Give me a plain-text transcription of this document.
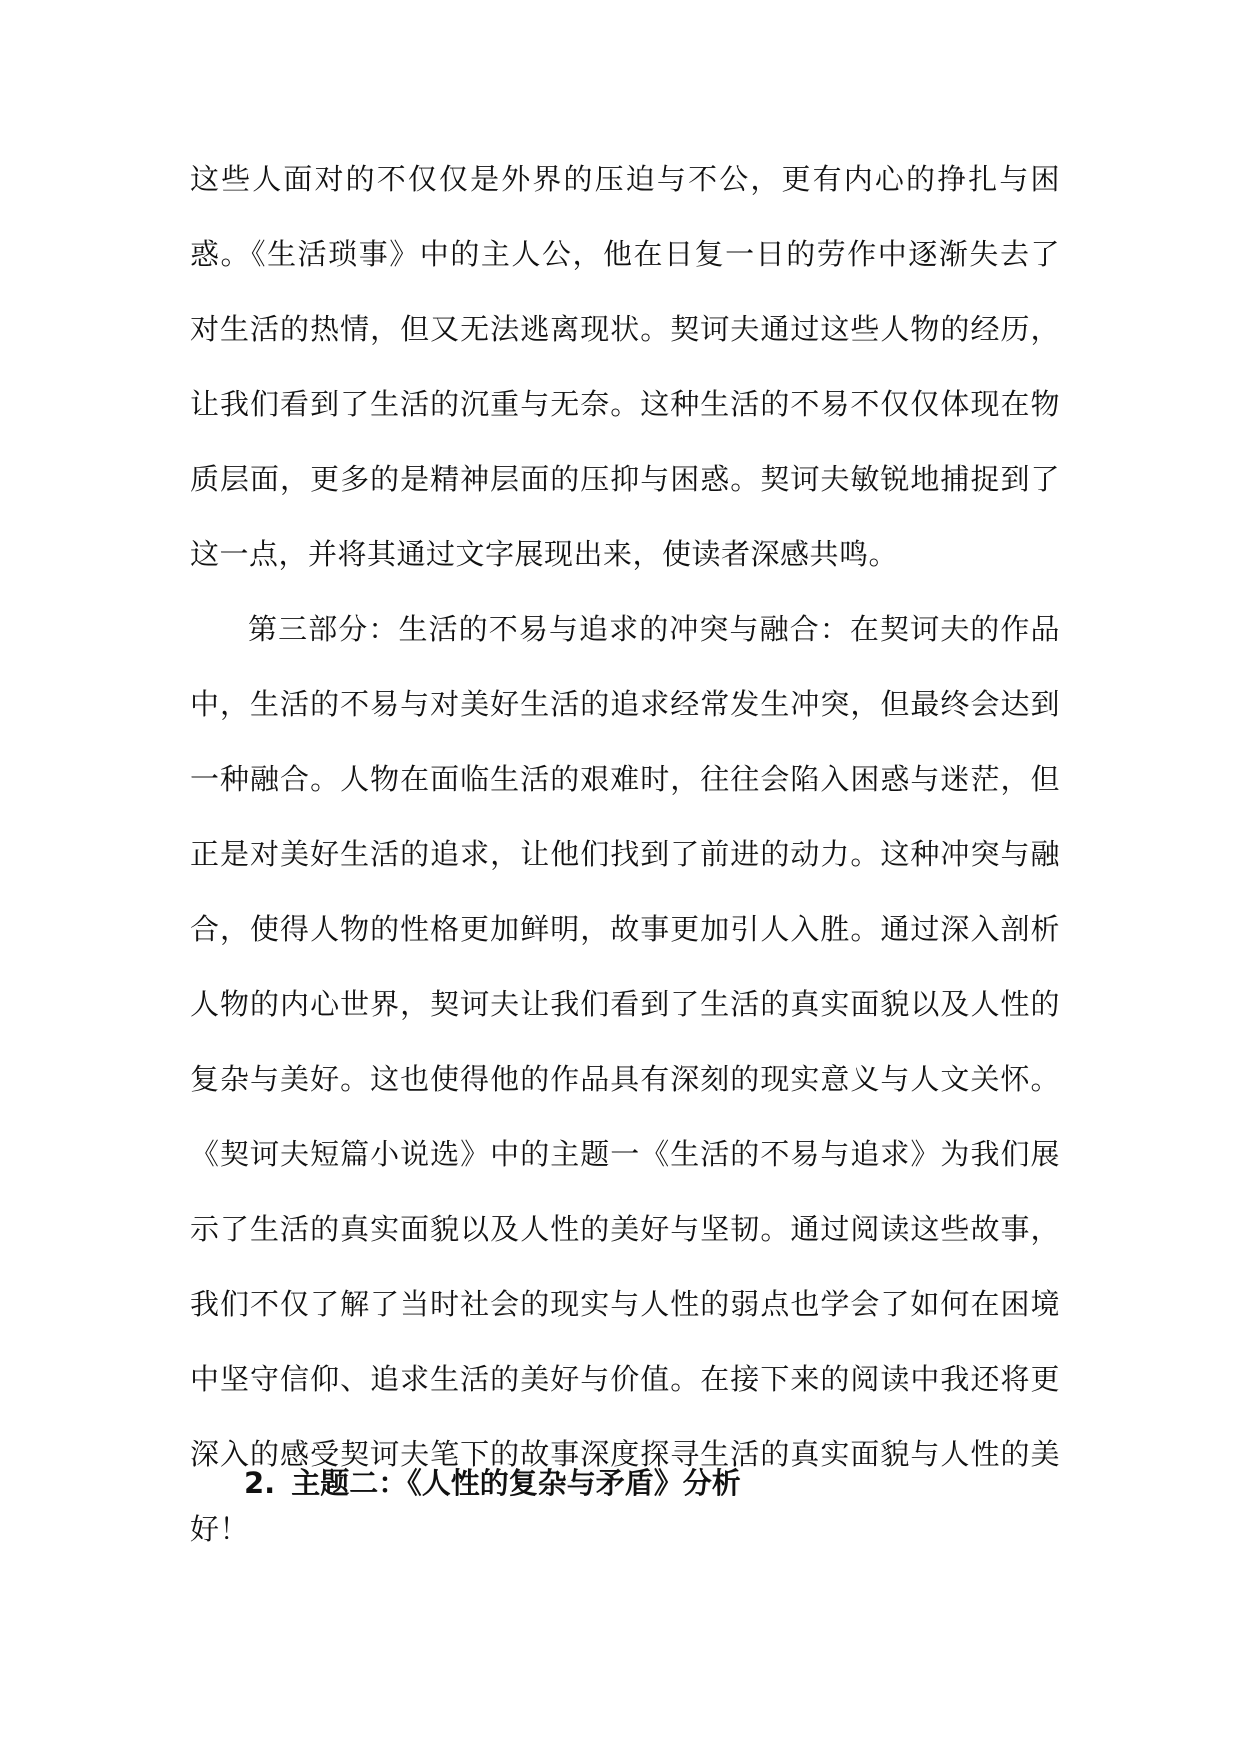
这些人面对的不仅仅是外界的压迫与不公，更有内心的挣扎与困惑。《生活琐事》中的主人公，他在日复一日的劳作中逐渐失去了对生活的热情，但又无法逃离现状。契诃夫通过这些人物的经历，让我们看到了生活的沉重与无奈。这种生活的不易不仅仅体现在物质层面，更多的是精神层面的压抑与困惑。契诃夫敏锐地捕捉到了这一点，并将其通过文字展现出来，使读者深感共鸣。

第三部分：生活的不易与追求的冲突与融合：在契诃夫的作品中，生活的不易与对美好生活的追求经常发生冲突，但最终会达到一种融合。人物在面临生活的艰难时，往往会陷入困惑与迷茫，但正是对美好生活的追求，让他们找到了前进的动力。这种冲突与融合，使得人物的性格更加鲜明，故事更加引人入胜。通过深入剖析人物的内心世界，契诃夫让我们看到了生活的真实面貌以及人性的复杂与美好。这也使得他的作品具有深刻的现实意义与人文关怀。《契诃夫短篇小说选》中的主题一《生活的不易与追求》为我们展示了生活的真实面貌以及人性的美好与坚韧。通过阅读这些故事，我们不仅了解了当时社会的现实与人性的弱点也学会了如何在困境中坚守信仰、追求生活的美好与价值。在接下来的阅读中我还将更深入的感受契诃夫笔下的故事深度探寻生活的真实面貌与人性的美好！

2. 主题二：《人性的复杂与矛盾》分析
